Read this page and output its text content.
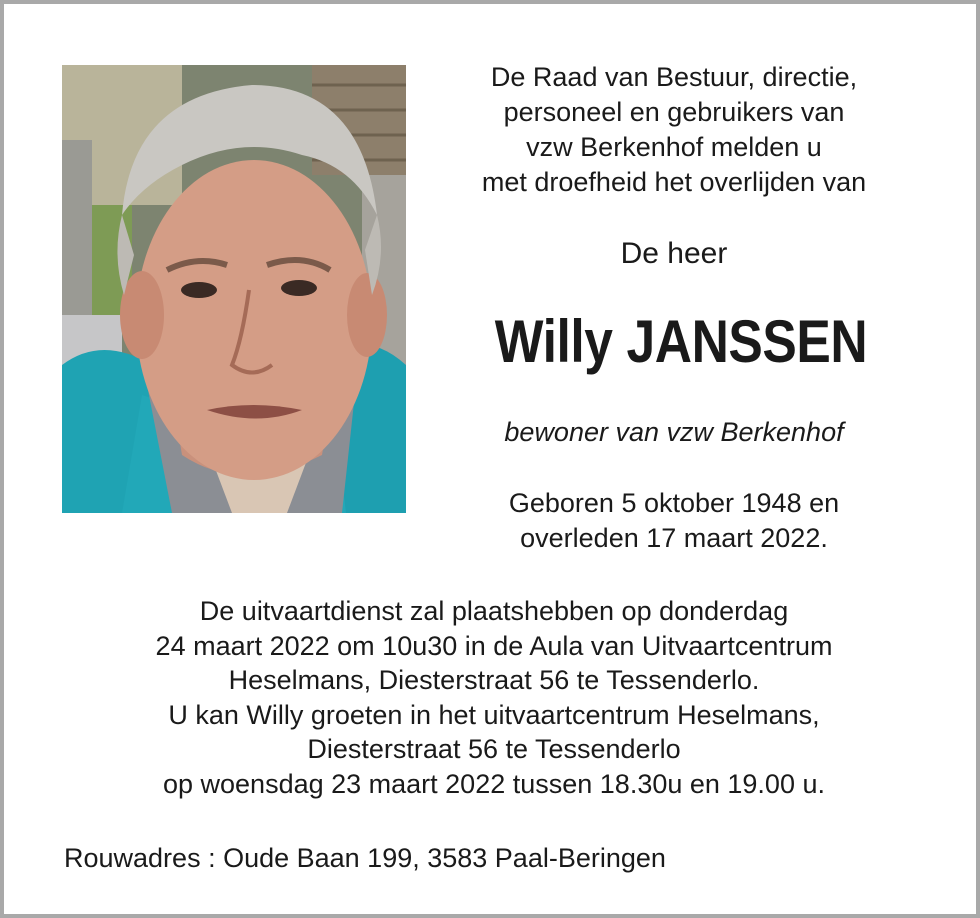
De Raad van Bestuur, directie,
personeel en gebruikers van
vzw Berkenhof melden u
met droefheid het overlijden van
De heer
Willy JANSSEN
bewoner van vzw Berkenhof
Geboren 5 oktober 1948 en
overleden 17 maart 2022.
De uitvaartdienst zal plaatshebben op donderdag
24 maart 2022 om 10u30 in de Aula van Uitvaartcentrum
Heselmans, Diesterstraat 56 te Tessenderlo.
U kan Willy groeten in het uitvaartcentrum Heselmans,
Diesterstraat 56 te Tessenderlo
op woensdag 23 maart 2022 tussen 18.30u en 19.00 u.
Rouwadres : Oude Baan 199, 3583 Paal-Beringen
